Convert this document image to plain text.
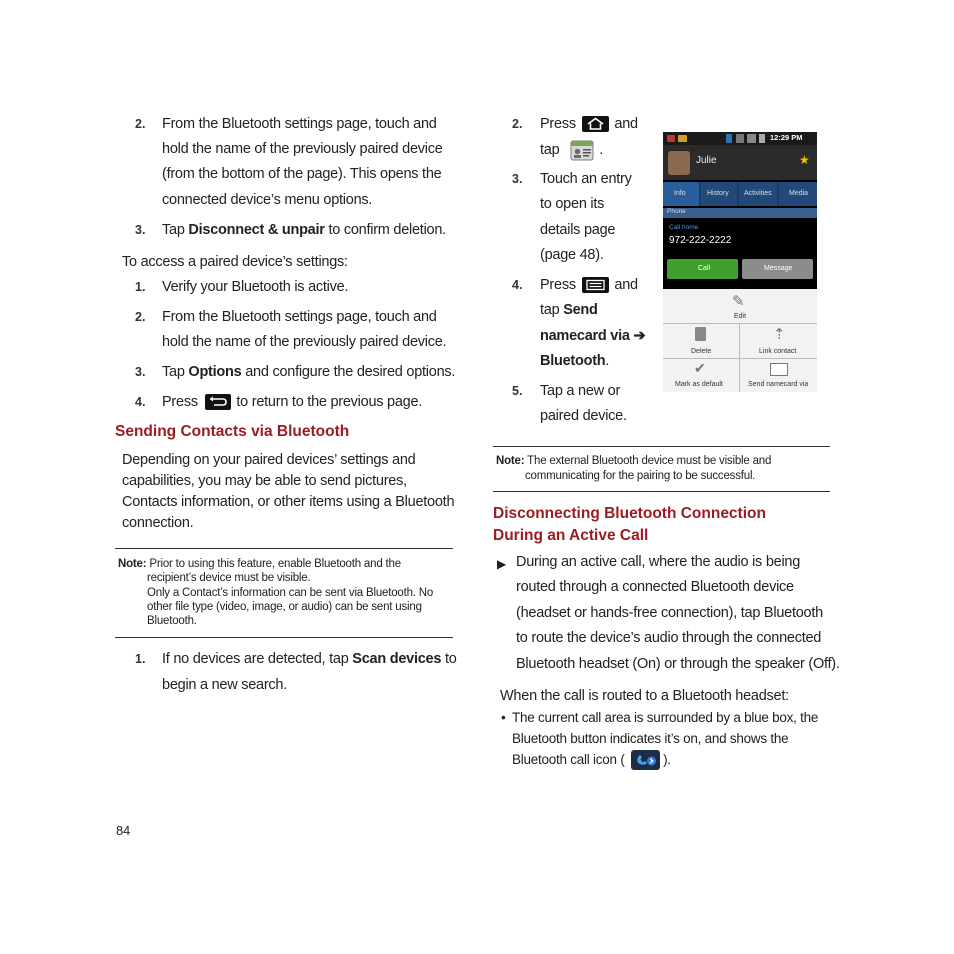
2. From the Bluetooth settings page, touch and
hold the name of the previously paired device
(from the bottom of the page). This opens the
connected device’s menu options.
3. Tap Disconnect & unpair to confirm deletion.
To access a paired device’s settings:
1. Verify your Bluetooth is active.
2. From the Bluetooth settings page, touch and
hold the name of the previously paired device.
3. Tap Options and configure the desired options.
4. Press  to return to the previous page.
Sending Contacts via Bluetooth
Depending on your paired devices’ settings and
capabilities, you may be able to send pictures,
Contacts information, or other items using a Bluetooth
connection.
Note: Prior to using this feature, enable Bluetooth and the
recipient’s device must be visible.
Only a Contact’s information can be sent via Bluetooth. No
other file type (video, image, or audio) can be sent using
Bluetooth.
1. If no devices are detected, tap Scan devices to
begin a new search.
2. Press	and
tap	.
3. Touch an entry
to open its
details page
(page 48).
4. Press	and
tap Send
namecard via ➔
Bluetooth.
5. Tap a new or
paired device.
12:29 PM
Julie	★
Info	History Activities Media
Phone
Call home
972-222-2222
Call	Message
✎
Edit
Delete
⇡
Link contact
✔
Mark as default	Send namecard via
Note: The external Bluetooth device must be visible and
communicating for the pairing to be successful.
Disconnecting Bluetooth Connection
During an Active Call
▶ During an active call, where the audio is being
routed through a connected Bluetooth device
(headset or hands-free connection), tap Bluetooth
to route the device’s audio through the connected
Bluetooth headset (On) or through the speaker (Off).
When the call is routed to a Bluetooth headset:
• The current call area is surrounded by a blue box, the
Bluetooth button indicates it’s on, and shows the
Bluetooth call icon (	).
84
